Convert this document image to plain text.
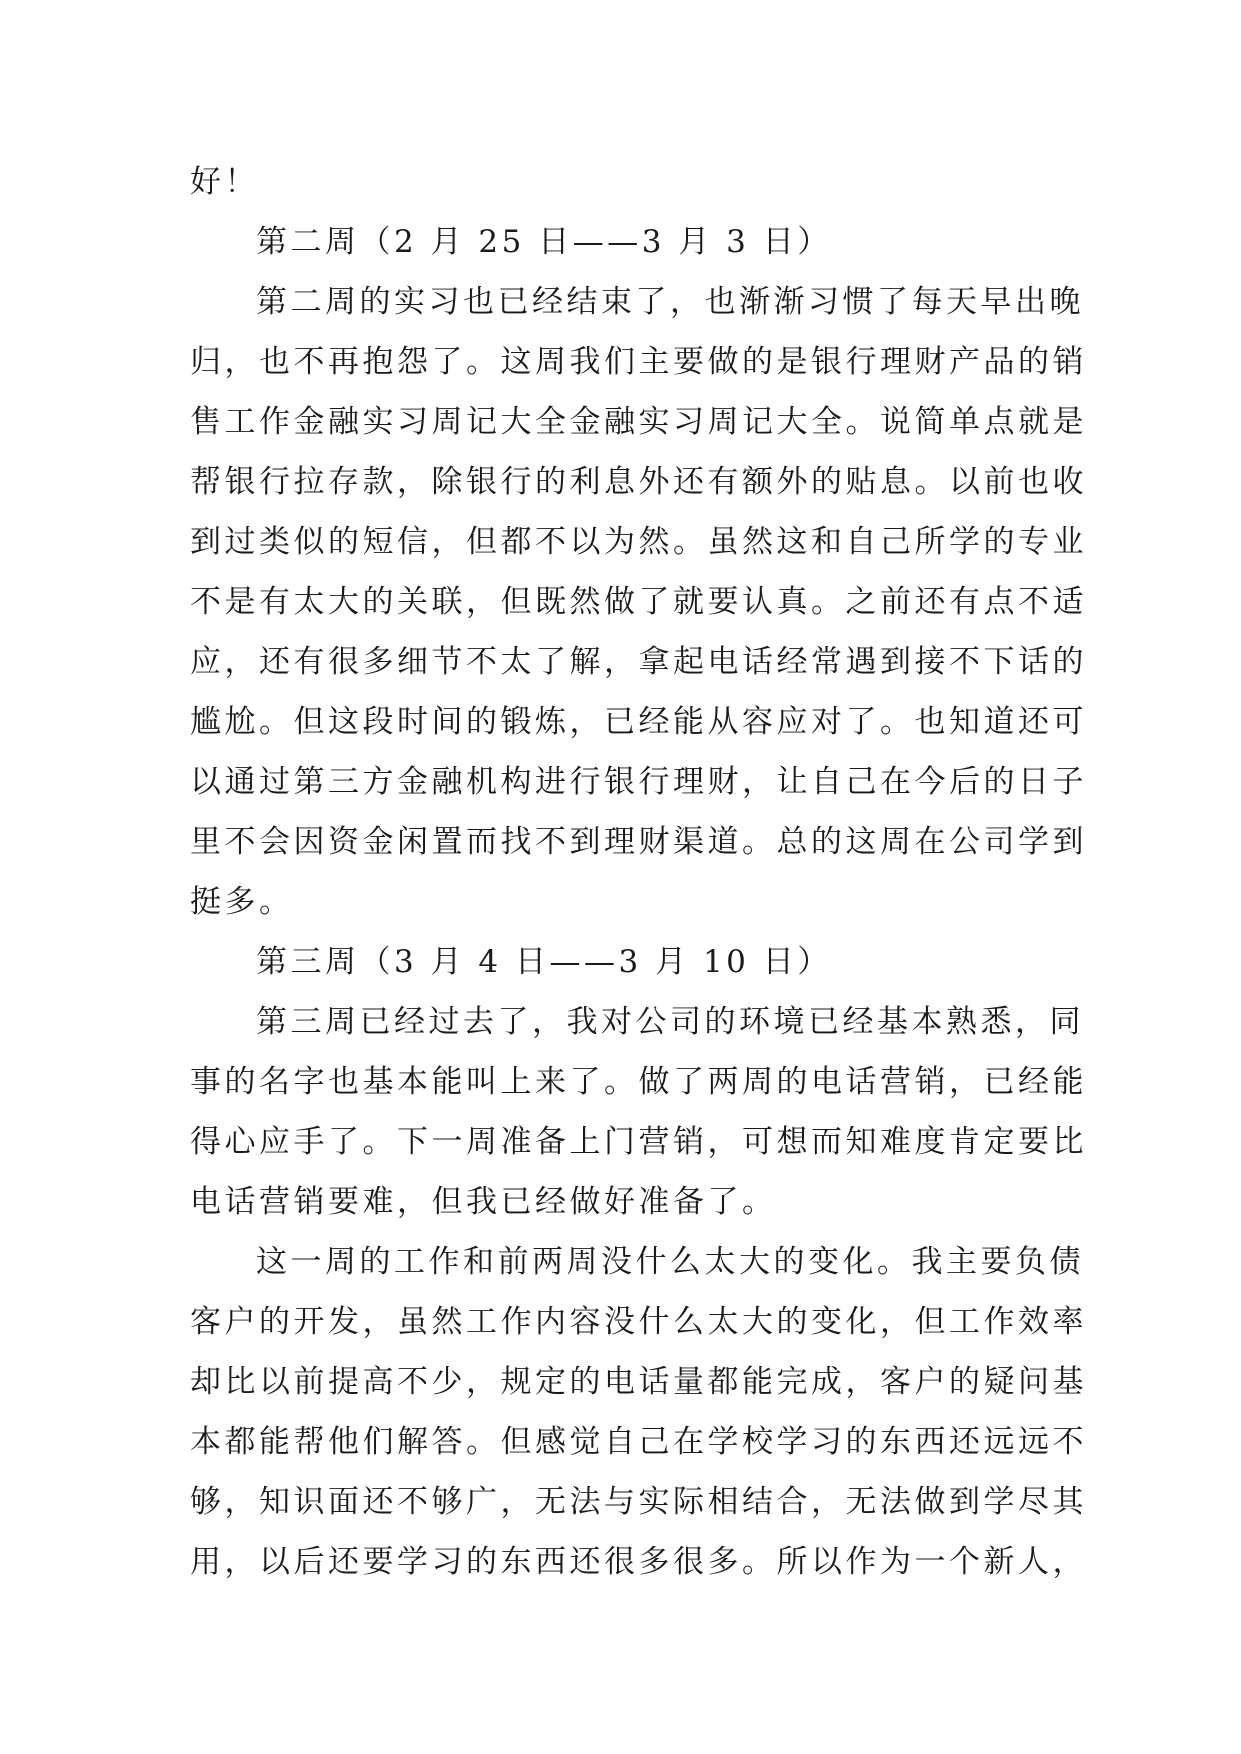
好！
第二周（2 月 25 日——3 月 3 日）
第二周的实习也已经结束了，也渐渐习惯了每天早出晚
归，也不再抱怨了。这周我们主要做的是银行理财产品的销
售工作金融实习周记大全金融实习周记大全。说简单点就是
帮银行拉存款，除银行的利息外还有额外的贴息。以前也收
到过类似的短信，但都不以为然。虽然这和自己所学的专业
不是有太大的关联，但既然做了就要认真。之前还有点不适
应，还有很多细节不太了解，拿起电话经常遇到接不下话的
尴尬。但这段时间的锻炼，已经能从容应对了。也知道还可
以通过第三方金融机构进行银行理财，让自己在今后的日子
里不会因资金闲置而找不到理财渠道。总的这周在公司学到
挺多。
第三周（3 月 4 日——3 月 10 日）
第三周已经过去了，我对公司的环境已经基本熟悉，同
事的名字也基本能叫上来了。做了两周的电话营销，已经能
得心应手了。下一周准备上门营销，可想而知难度肯定要比
电话营销要难，但我已经做好准备了。
这一周的工作和前两周没什么太大的变化。我主要负债
客户的开发，虽然工作内容没什么太大的变化，但工作效率
却比以前提高不少，规定的电话量都能完成，客户的疑问基
本都能帮他们解答。但感觉自己在学校学习的东西还远远不
够，知识面还不够广，无法与实际相结合，无法做到学尽其
用，以后还要学习的东西还很多很多。所以作为一个新人，
